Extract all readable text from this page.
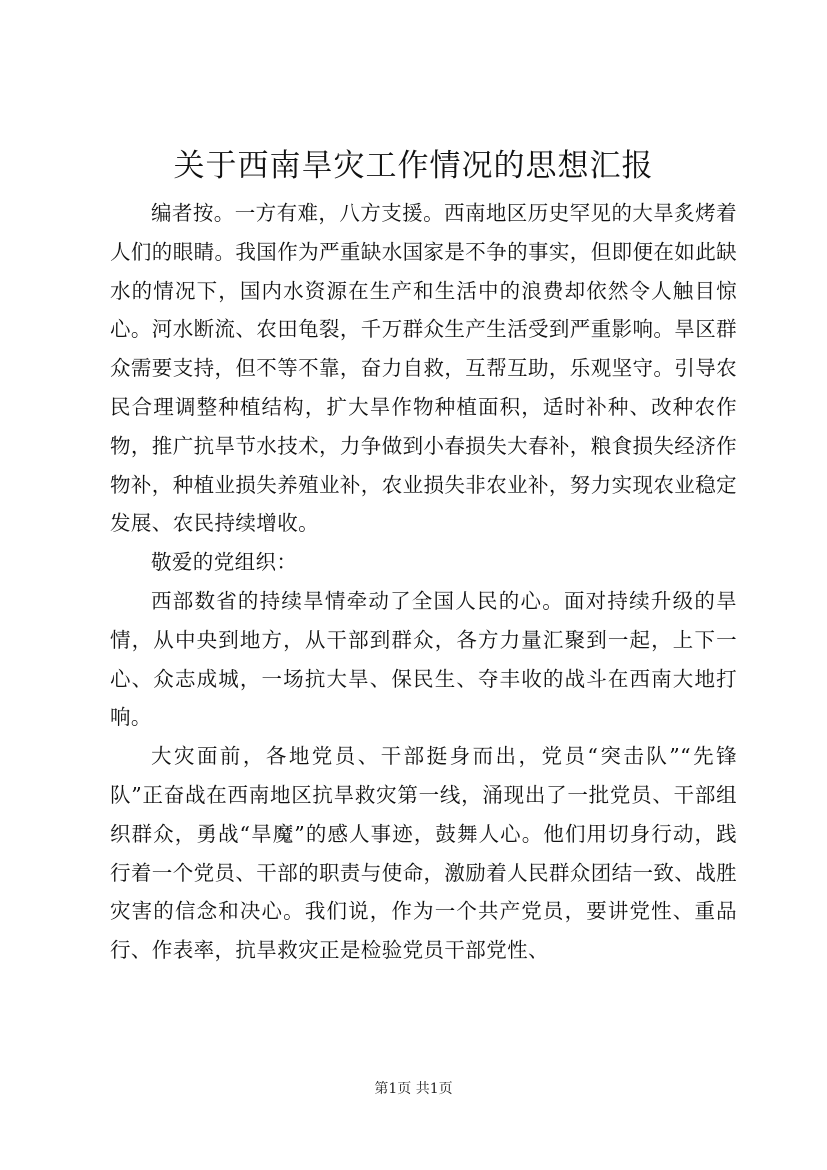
关于西南旱灾工作情况的思想汇报

编者按。一方有难，八方支援。西南地区历史罕见的大旱炙烤着人们的眼睛。我国作为严重缺水国家是不争的事实，但即便在如此缺水的情况下，国内水资源在生产和生活中的浪费却依然令人触目惊心。河水断流、农田龟裂，千万群众生产生活受到严重影响。旱区群众需要支持，但不等不靠，奋力自救，互帮互助，乐观坚守。引导农民合理调整种植结构，扩大旱作物种植面积，适时补种、改种农作物，推广抗旱节水技术，力争做到小春损失大春补，粮食损失经济作物补，种植业损失养殖业补，农业损失非农业补，努力实现农业稳定发展、农民持续增收。

敬爱的党组织：

西部数省的持续旱情牵动了全国人民的心。面对持续升级的旱情，从中央到地方，从干部到群众，各方力量汇聚到一起，上下一心、众志成城，一场抗大旱、保民生、夺丰收的战斗在西南大地打响。

大灾面前，各地党员、干部挺身而出，党员“突击队”“先锋队”正奋战在西南地区抗旱救灾第一线，涌现出了一批党员、干部组织群众，勇战“旱魔”的感人事迹，鼓舞人心。他们用切身行动，践行着一个党员、干部的职责与使命，激励着人民群众团结一致、战胜灾害的信念和决心。我们说，作为一个共产党员，要讲党性、重品行、作表率，抗旱救灾正是检验党员干部党性、

第1页 共1页
